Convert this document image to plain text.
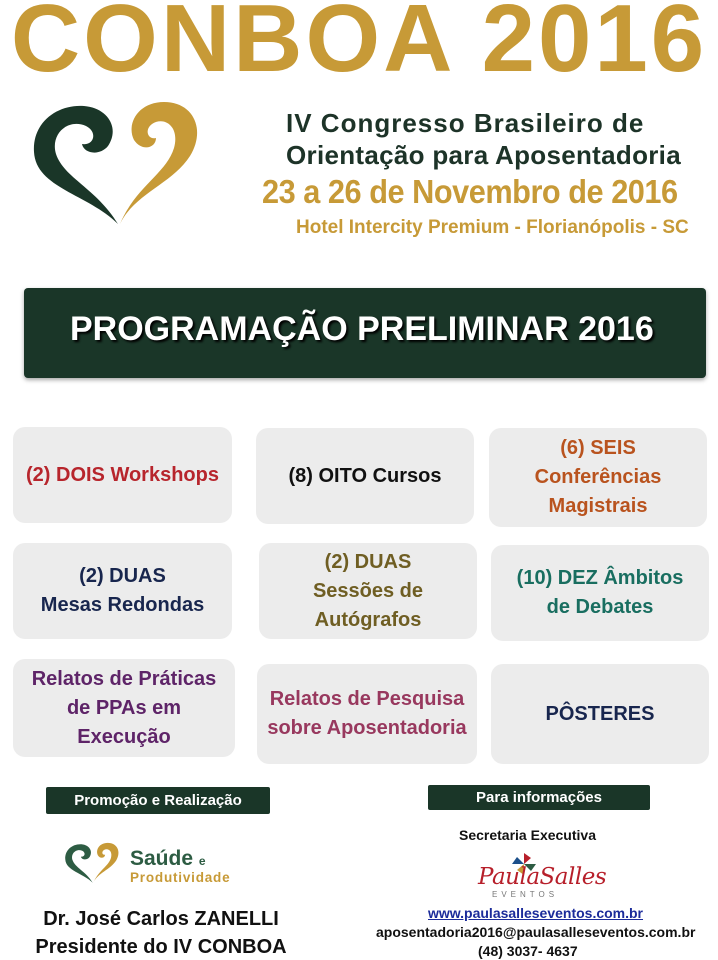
CONBOA 2016
IV Congresso Brasileiro de
Orientação para Aposentadoria
23 a 26 de Novembro de 2016
Hotel Intercity Premium - Florianópolis - SC
PROGRAMAÇÃO PRELIMINAR 2016
(2) DOIS Workshops	(8) OITO Cursos
(6) SEIS
Conferências
Magistrais
(2) DUAS
Mesas Redondas
(2) DUAS
Sessões de
Autógrafos
(10) DEZ Âmbitos
de Debates
Relatos de Práticas
de PPAs em
Execução
Relatos de Pesquisa
sobre Aposentadoria
PÔSTERES
Promoção e Realização
Saúde e
Produtividade
Dr. José Carlos ZANELLI
Presidente do IV CONBOA
Para informações
Secretaria Executiva
PaulaSalles
EVENTOS
www.paulasalleseventos.com.br
aposentadoria2016@paulasalleseventos.com.br
(48) 3037- 4637
